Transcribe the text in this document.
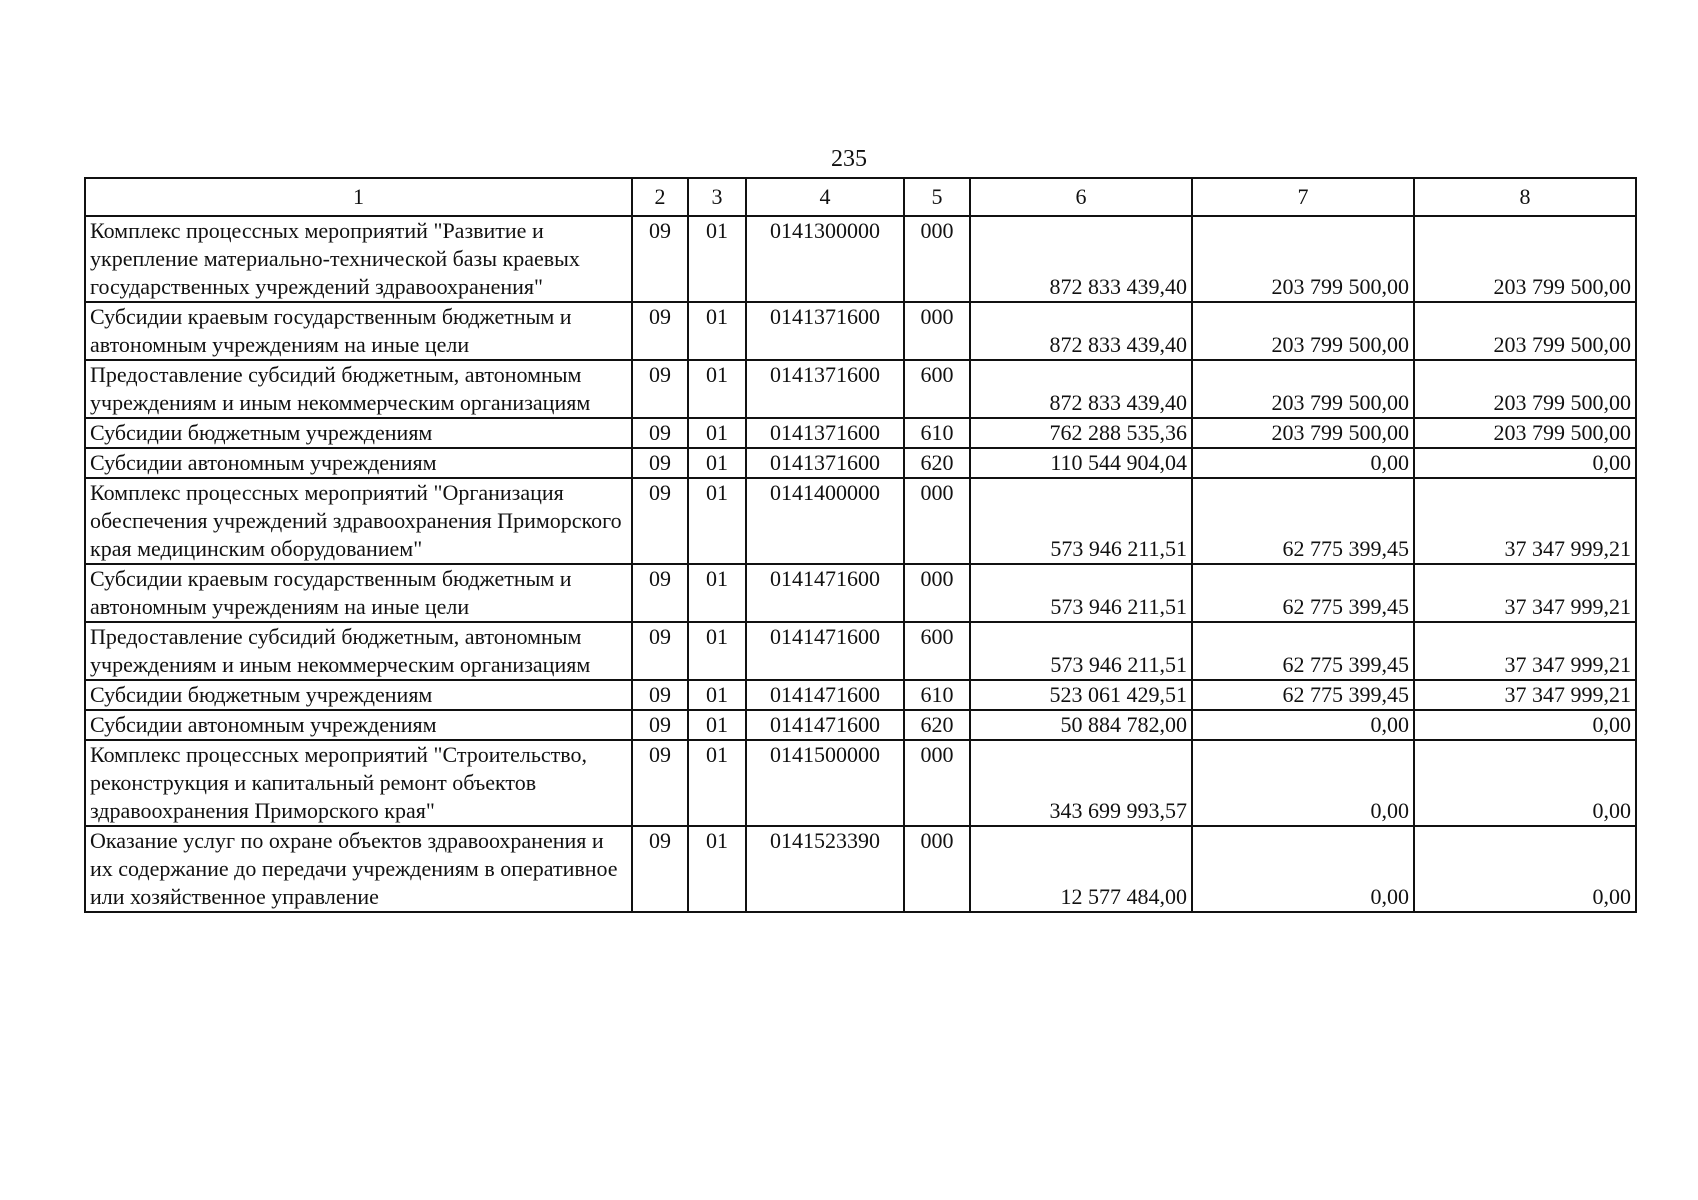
235
1	2	3	4	5	6	7	8
Комплекс процессных мероприятий "Развитие и укрепление материально-технической базы краевых государственных учреждений здравоохранения"	09	01	0141300000	000	872 833 439,40	203 799 500,00	203 799 500,00
Субсидии краевым государственным бюджетным и автономным учреждениям на иные цели	09	01	0141371600	000	872 833 439,40	203 799 500,00	203 799 500,00
Предоставление субсидий бюджетным, автономным учреждениям и иным некоммерческим организациям	09	01	0141371600	600	872 833 439,40	203 799 500,00	203 799 500,00
Субсидии бюджетным учреждениям	09	01	0141371600	610	762 288 535,36	203 799 500,00	203 799 500,00
Субсидии автономным учреждениям	09	01	0141371600	620	110 544 904,04	0,00	0,00
Комплекс процессных мероприятий "Организация обеспечения учреждений здравоохранения Приморского края медицинским оборудованием"	09	01	0141400000	000	573 946 211,51	62 775 399,45	37 347 999,21
Субсидии краевым государственным бюджетным и автономным учреждениям на иные цели	09	01	0141471600	000	573 946 211,51	62 775 399,45	37 347 999,21
Предоставление субсидий бюджетным, автономным учреждениям и иным некоммерческим организациям	09	01	0141471600	600	573 946 211,51	62 775 399,45	37 347 999,21
Субсидии бюджетным учреждениям	09	01	0141471600	610	523 061 429,51	62 775 399,45	37 347 999,21
Субсидии автономным учреждениям	09	01	0141471600	620	50 884 782,00	0,00	0,00
Комплекс процессных мероприятий "Строительство, реконструкция и капитальный ремонт объектов здравоохранения Приморского края"	09	01	0141500000	000	343 699 993,57	0,00	0,00
Оказание услуг по охране объектов здравоохранения и их содержание до передачи учреждениям в оперативное или хозяйственное управление	09	01	0141523390	000	12 577 484,00	0,00	0,00
